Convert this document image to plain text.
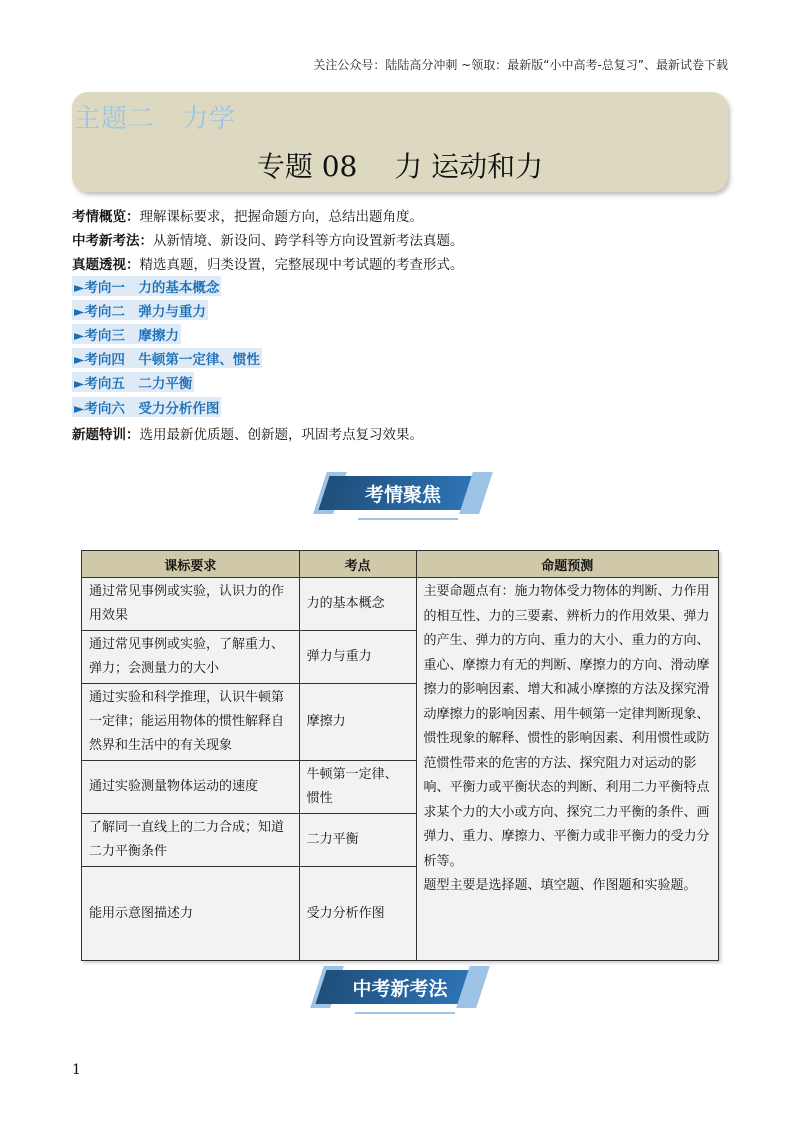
关注公众号：陆陆高分冲刺 ~领取：最新版“小中高考-总复习”、最新试卷下载
主题二　力学
专题 08　 力 运动和力
考情概览：理解课标要求，把握命题方向，总结出题角度。
中考新考法：从新情境、新设问、跨学科等方向设置新考法真题。
真题透视：精选真题，归类设置，完整展现中考试题的考查形式。
►考向一　力的基本概念
►考向二　弹力与重力
►考向三　摩擦力
►考向四　牛顿第一定律、惯性
►考向五　二力平衡
►考向六　受力分析作图
新题特训：选用最新优质题、创新题，巩固考点复习效果。
考情聚焦
课标要求	考点	命题预测
通过常见事例或实验，认识力的作用效果	力的基本概念	主要命题点有：施力物体受力物体的判断、力作用的相互性、力的三要素、辨析力的作用效果、弹力的产生、弹力的方向、重力的大小、重力的方向、重心、摩擦力有无的判断、摩擦力的方向、滑动摩擦力的影响因素、增大和减小摩擦的方法及探究滑动摩擦力的影响因素、用牛顿第一定律判断现象、惯性现象的解释、惯性的影响因素、利用惯性或防范惯性带来的危害的方法、探究阻力对运动的影响、平衡力或平衡状态的判断、利用二力平衡特点求某个力的大小或方向、探究二力平衡的条件、画弹力、重力、摩擦力、平衡力或非平衡力的受力分析等。
题型主要是选择题、填空题、作图题和实验题。

通过常见事例或实验，了解重力、弹力；会测量力的大小	弹力与重力	
通过实验和科学推理，认识牛顿第一定律；能运用物体的惯性解释自然界和生活中的有关现象	摩擦力	
通过实验测量物体运动的速度	牛顿第一定律、惯性	
了解同一直线上的二力合成；知道二力平衡条件	二力平衡	
能用示意图描述力	受力分析作图	
中考新考法
1
